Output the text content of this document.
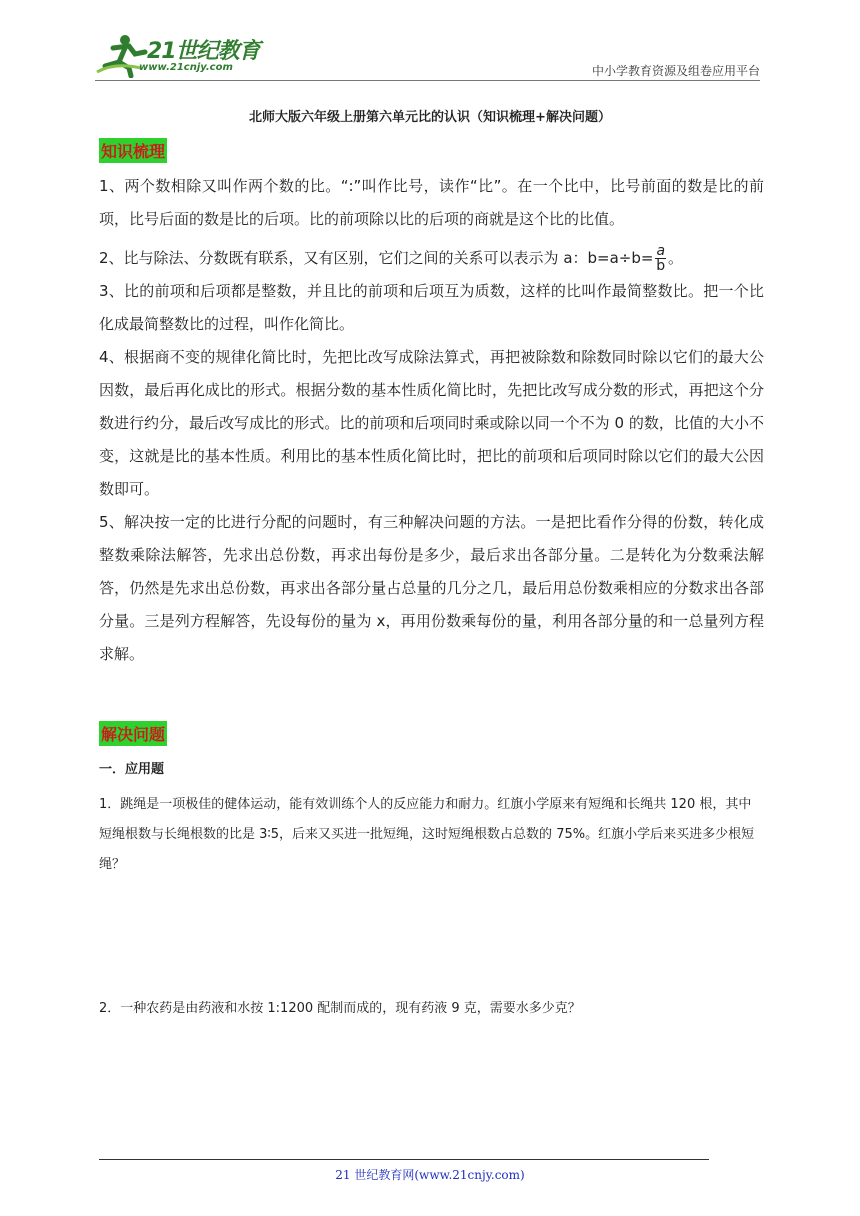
21世纪教育
www.21cnjy.com	中小学教育资源及组卷应用平台
北师大版六年级上册第六单元比的认识（知识梳理+解决问题）
知识梳理

1、两个数相除又叫作两个数的比。“:”叫作比号，读作“比”。在一个比中，比号前面的数是比的前项，比号后面的数是比的后项。比的前项除以比的后项的商就是这个比的比值。

2、比与除法、分数既有联系，又有区别，它们之间的关系可以表示为 a：$b=a\div b= \frac{a}{b}$ 。

3、比的前项和后项都是整数，并且比的前项和后项互为质数，这样的比叫作最简整数比。把一个比化成最简整数比的过程，叫作化简比。

4、根据商不变的规律化简比时，先把比改写成除法算式，再把被除数和除数同时除以它们的最大公因数，最后再化成比的形式。根据分数的基本性质化简比时，先把比改写成分数的形式，再把这个分数进行约分，最后改写成比的形式。比的前项和后项同时乘或除以同一个不为 0 的数，比值的大小不变，这就是比的基本性质。利用比的基本性质化简比时，把比的前项和后项同时除以它们的最大公因数即可。

5、解决按一定的比进行分配的问题时，有三种解决问题的方法。一是把比看作分得的份数，转化成整数乘除法解答，先求出总份数，再求出每份是多少，最后求出各部分量。二是转化为分数乘法解答，仍然是先求出总份数，再求出各部分量占总量的几分之几，最后用总份数乘相应的分数求出各部分量。三是列方程解答，先设每份的量为 x，再用份数乘每份的量，利用各部分量的和一总量列方程求解。

解决问题
一．应用题
1．跳绳是一项极佳的健体运动，能有效训练个人的反应能力和耐力。红旗小学原来有短绳和长绳共 120 根，其中短绳根数与长绳根数的比是 3∶5，后来又买进一批短绳，这时短绳根数占总数的 75%。红旗小学后来买进多少根短绳？
2．一种农药是由药液和水按 1:1200 配制而成的，现有药液 9 克，需要水多少克？
21 世纪教育网(www.21cnjy.com)
